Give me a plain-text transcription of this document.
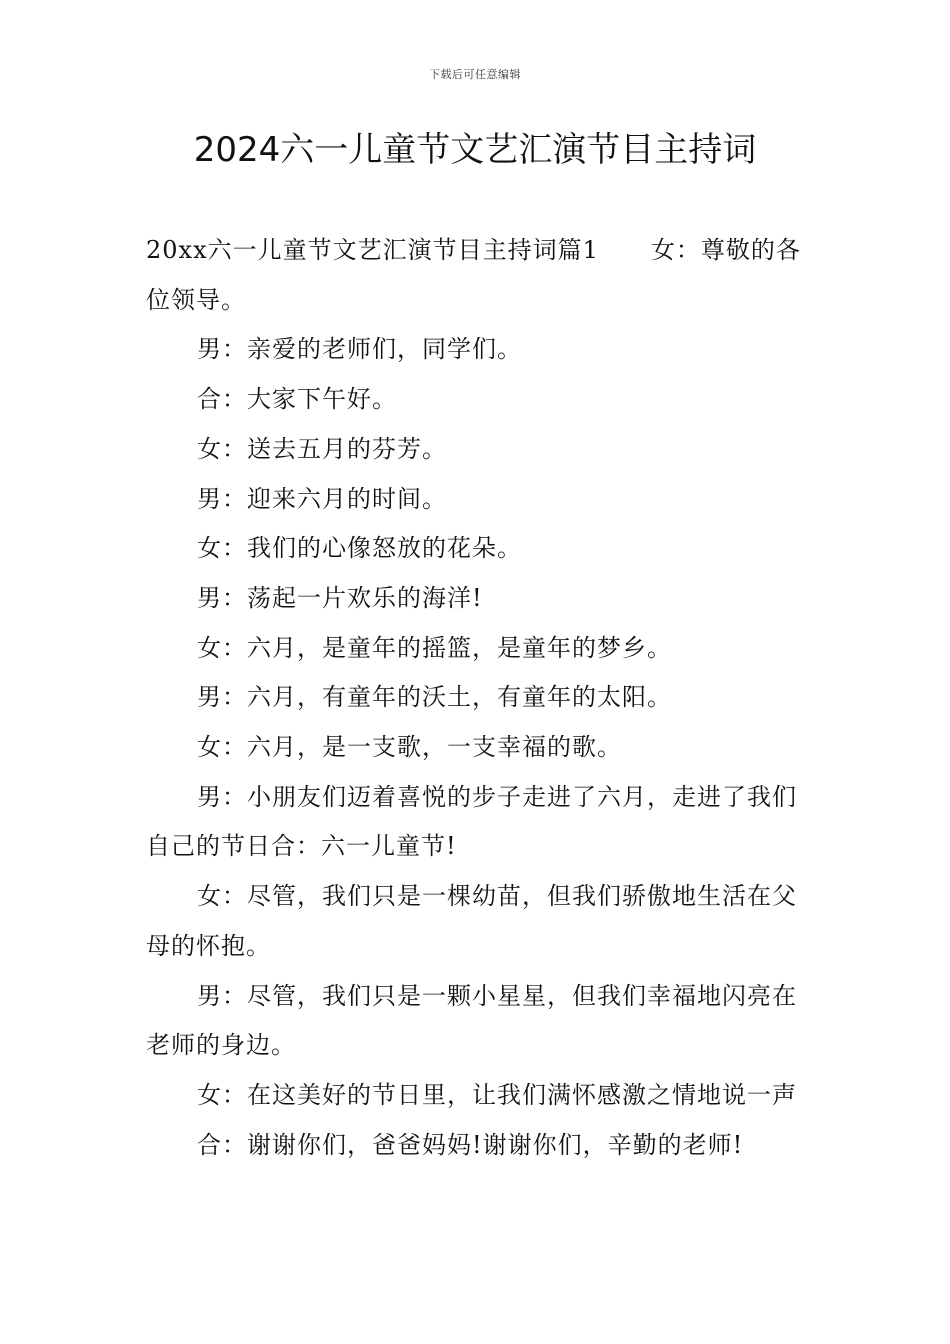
下载后可任意编辑
2024六一儿童节文艺汇演节目主持词

20xx六一儿童节文艺汇演节目主持词篇1 女：尊敬的各位领导。

男：亲爱的老师们，同学们。

合：大家下午好。

女：送去五月的芬芳。

男：迎来六月的时间。

女：我们的心像怒放的花朵。

男：荡起一片欢乐的海洋!

女：六月，是童年的摇篮，是童年的梦乡。

男：六月，有童年的沃土，有童年的太阳。

女：六月，是一支歌，一支幸福的歌。

男：小朋友们迈着喜悦的步子走进了六月，走进了我们自己的节日合：六一儿童节!

女：尽管，我们只是一棵幼苗，但我们骄傲地生活在父母的怀抱。

男：尽管，我们只是一颗小星星，但我们幸福地闪亮在老师的身边。

女：在这美好的节日里，让我们满怀感激之情地说一声

合：谢谢你们，爸爸妈妈!谢谢你们，辛勤的老师!
